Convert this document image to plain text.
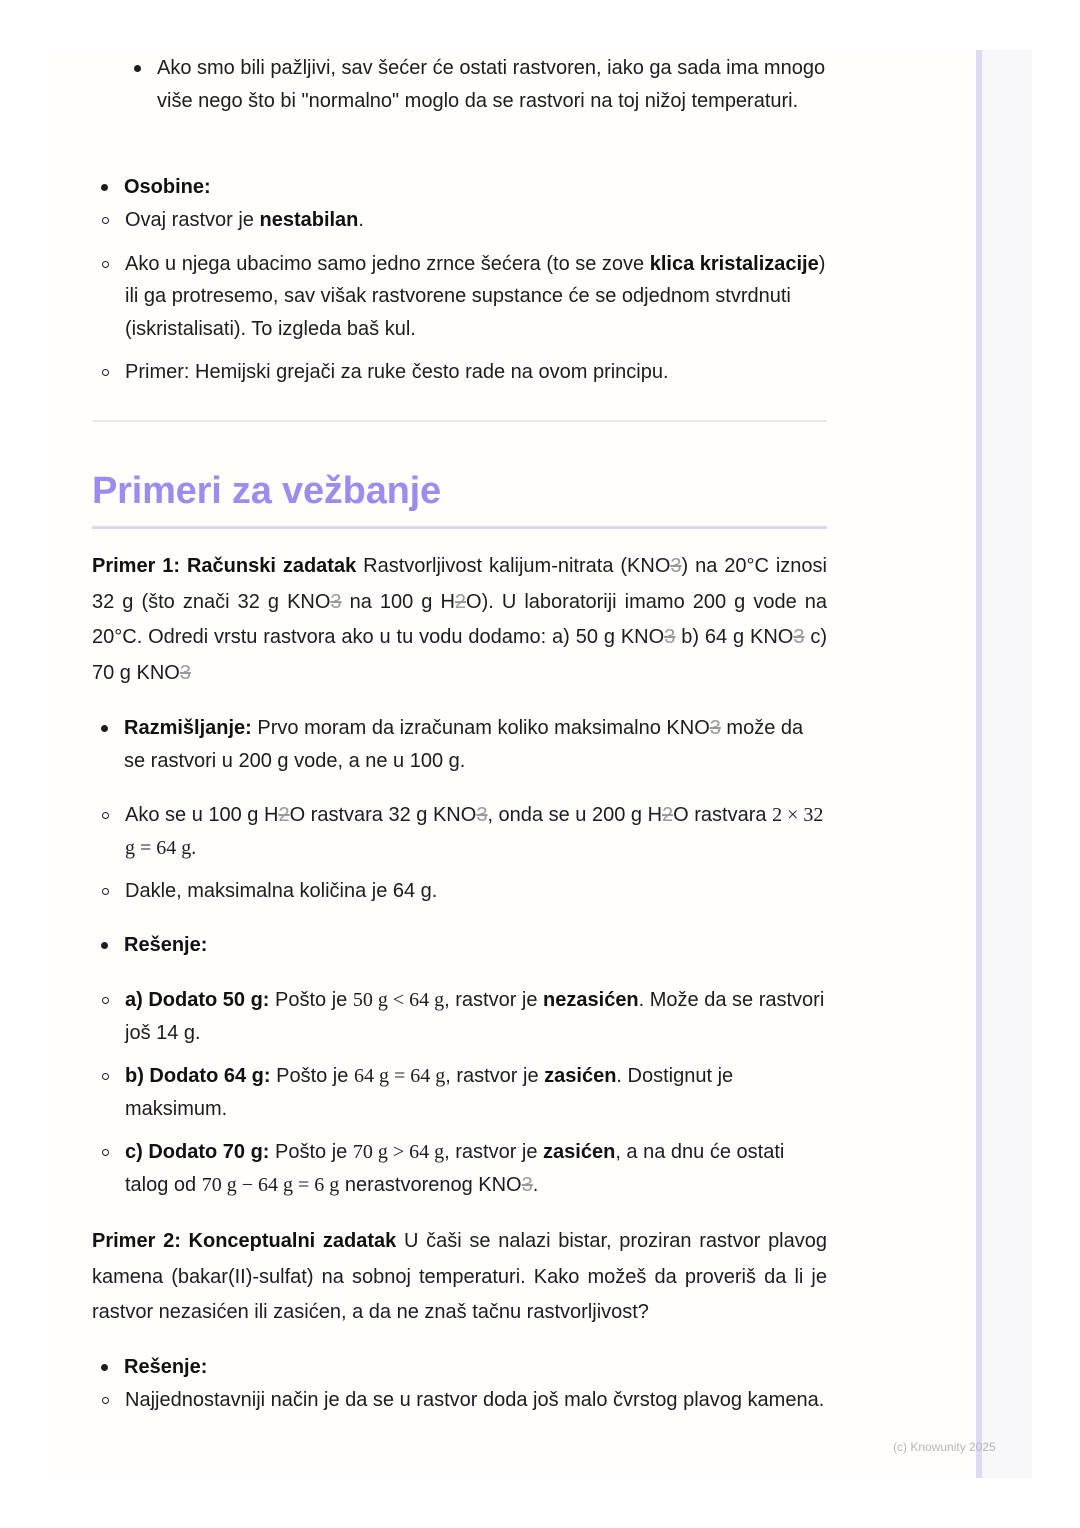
Ako smo bili pažljivi, sav šećer će ostati rastvoren, iako ga sada ima mnogo više nego što bi "normalno" moglo da se rastvori na toj nižoj temperaturi.
Osobine:
Ovaj rastvor je nestabilan.
Ako u njega ubacimo samo jedno zrnce šećera (to se zove klica kristalizacije) ili ga protresemo, sav višak rastvorene supstance će se odjednom stvrdnuti (iskristalisati). To izgleda baš kul.
Primer: Hemijski grejači za ruke često rade na ovom principu.
Primeri za vežbanje
Primer 1: Računski zadatak Rastvorljivost kalijum-nitrata (KNO3) na 20°C iznosi 32 g (što znači 32 g KNO3 na 100 g H2O). U laboratoriji imamo 200 g vode na 20°C. Odredi vrstu rastvora ako u tu vodu dodamo: a) 50 g KNO3 b) 64 g KNO3 c) 70 g KNO3
Razmišljanje: Prvo moram da izračunam koliko maksimalno KNO3 može da se rastvori u 200 g vode, a ne u 100 g.
Ako se u 100 g H2O rastvara 32 g KNO3, onda se u 200 g H2O rastvara 2 × 32 g = 64 g.
Dakle, maksimalna količina je 64 g.
Rešenje:
a) Dodato 50 g: Pošto je 50 g < 64 g, rastvor je nezasićen. Može da se rastvori još 14 g.
b) Dodato 64 g: Pošto je 64 g = 64 g, rastvor je zasićen. Dostignut je maksimum.
c) Dodato 70 g: Pošto je 70 g > 64 g, rastvor je zasićen, a na dnu će ostati talog od 70 g − 64 g = 6 g nerastvorenog KNO3.
Primer 2: Konceptualni zadatak U čaši se nalazi bistar, proziran rastvor plavog kamena (bakar(II)-sulfat) na sobnoj temperaturi. Kako možeš da proveriš da li je rastvor nezasićen ili zasićen, a da ne znaš tačnu rastvorljivost?
Rešenje:
Najjednostavniji način je da se u rastvor doda još malo čvrstog plavog kamena.
(c) Knowunity 2025
